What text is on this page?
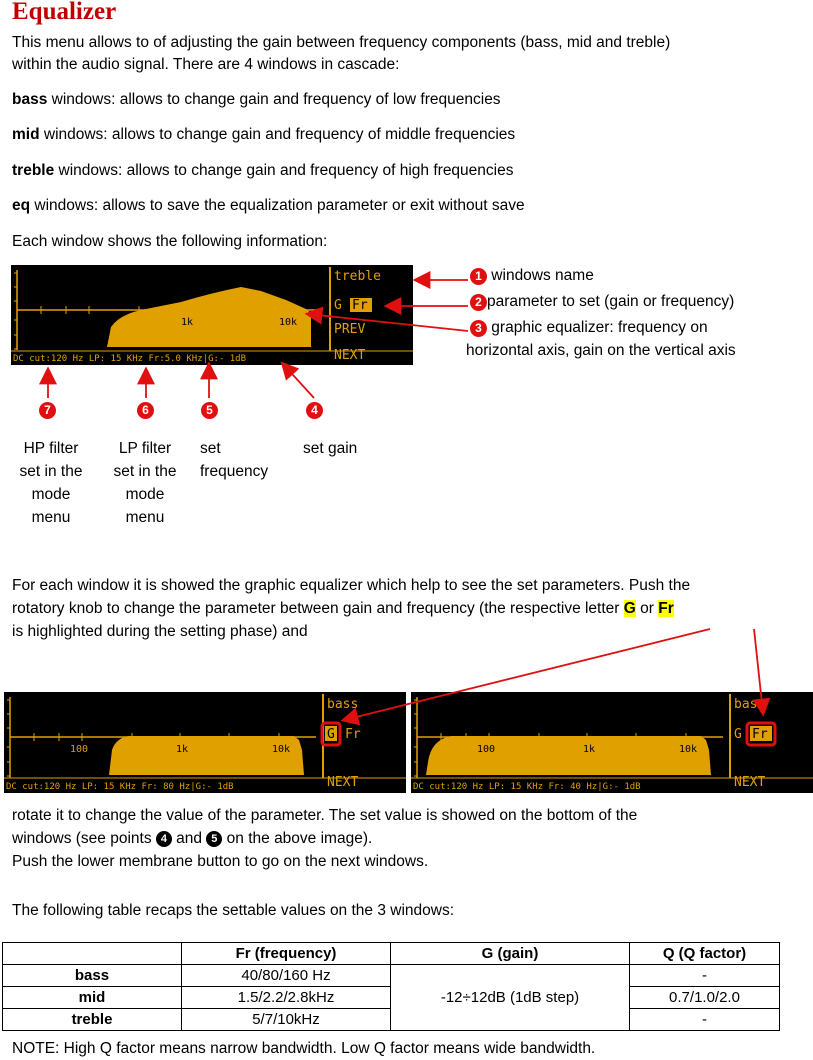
Equalizer
This menu allows to of adjusting the gain between frequency components (bass, mid and treble)
within the audio signal. There are 4 windows in cascade:
bass windows: allows to change gain and frequency of low frequencies
mid windows: allows to change gain and frequency of middle frequencies
treble windows: allows to change gain and frequency of high frequencies
eq windows: allows to save the equalization parameter or exit without save
Each window shows the following information:
100	1k	10k
treble
G Fr
PREV
NEXT
DC cut:120 Hz LP: 15 KHz Fr:5.0 KHz|G:- 1dB
1 windows name
2 parameter to set (gain or frequency)
3 graphic equalizer: frequency on
horizontal axis, gain on the vertical axis
7	6	5	4
HP filter set in the mode menu
LP filter set in the mode menu
set frequency
set gain
For each window it is showed the graphic equalizer which help to see the set parameters. Push the
rotatory knob to change the parameter between gain and frequency (the respective letter G or Fr
is highlighted during the setting phase) and
100	1k	10k
bass
G Fr
NEXT
DC cut:120 Hz LP: 15 KHz Fr: 80 Hz|G:- 1dB
100	1k	10k
bass
G Fr
NEXT
DC cut:120 Hz LP: 15 KHz Fr: 40 Hz|G:- 1dB
rotate it to change the value of the parameter. The set value is showed on the bottom of the
windows (see points 4 and 5 on the above image).
Push the lower membrane button to go on the next windows.
The following table recaps the settable values on the 3 windows:
	Fr (frequency)	G (gain)	Q (Q factor)
bass	40/80/160 Hz	-12÷12dB (1dB step)	-
mid	1.5/2.2/2.8kHz		0.7/1.0/2.0
treble	5/7/10kHz		-
NOTE: High Q factor means narrow bandwidth. Low Q factor means wide bandwidth.
